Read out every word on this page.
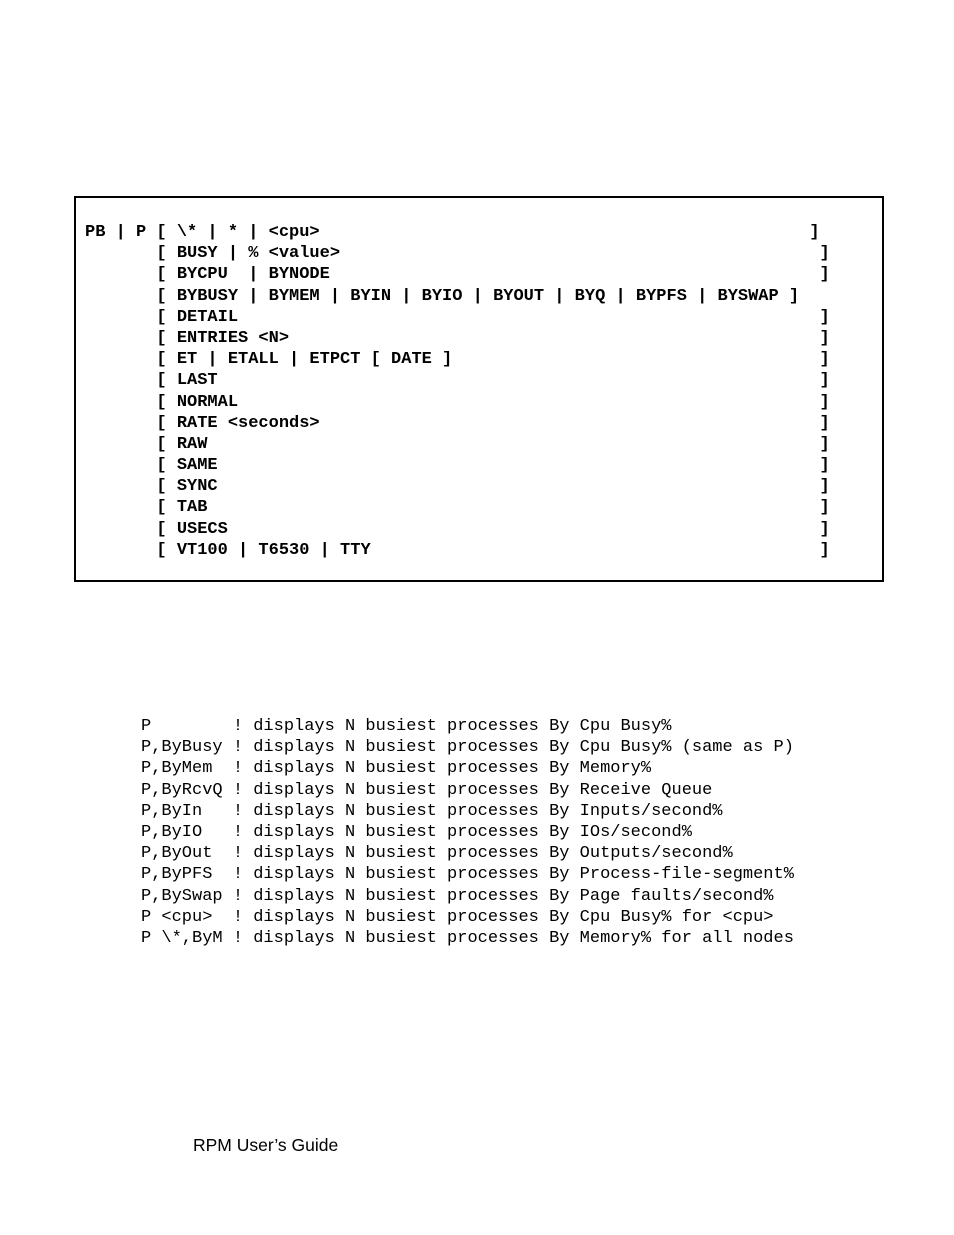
PB | P [ \* | * | <cpu>                                                ]
[ BUSY | % <value>                                               ]
[ BYCPU  | BYNODE                                                ]
[ BYBUSY | BYMEM | BYIN | BYIO | BYOUT | BYQ | BYPFS | BYSWAP ]
[ DETAIL                                                         ]
[ ENTRIES <N>                                                    ]
[ ET | ETALL | ETPCT [ DATE ]                                    ]
[ LAST                                                           ]
[ NORMAL                                                         ]
[ RATE <seconds>                                                 ]
[ RAW                                                            ]
[ SAME                                                           ]
[ SYNC                                                           ]
[ TAB                                                            ]
[ USECS                                                          ]
[ VT100 | T6530 | TTY                                            ]
P        ! displays N busiest processes By Cpu Busy%
P,ByBusy ! displays N busiest processes By Cpu Busy% (same as P)
P,ByMem  ! displays N busiest processes By Memory%
P,ByRcvQ ! displays N busiest processes By Receive Queue
P,ByIn   ! displays N busiest processes By Inputs/second%
P,ByIO   ! displays N busiest processes By IOs/second%
P,ByOut  ! displays N busiest processes By Outputs/second%
P,ByPFS  ! displays N busiest processes By Process-file-segment%
P,BySwap ! displays N busiest processes By Page faults/second%
P <cpu>  ! displays N busiest processes By Cpu Busy% for <cpu>
P \*,ByM ! displays N busiest processes By Memory% for all nodes
RPM User’s Guide
